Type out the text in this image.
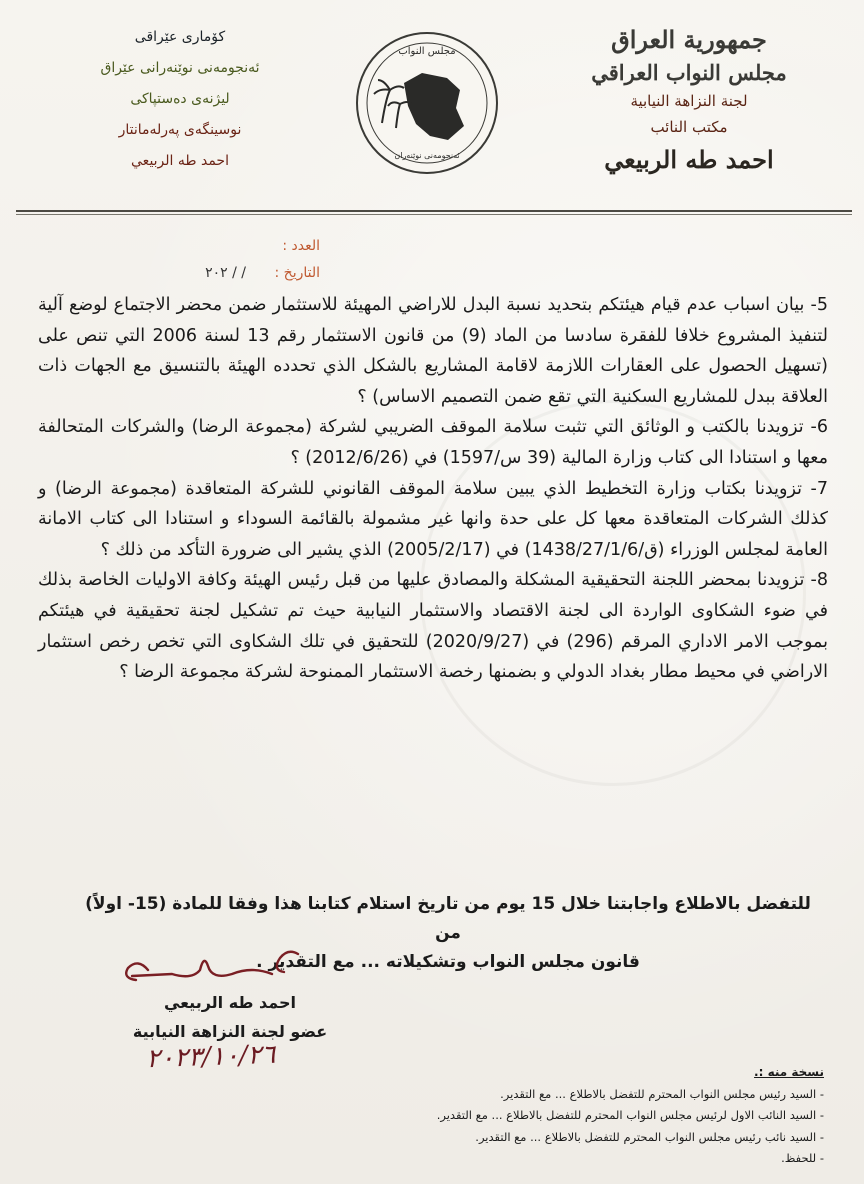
كۆماری عێراقی
ئەنجومەنی نوێنەرانی عێراق
لیژنەی دەستپاکی
نوسینگەی پەرلەمانتار
احمد طه الربیعي
مجلس النواب
ئەنجومەنی نوێنەران
جمهورية العراق
مجلس النواب العراقي
لجنة النزاهة النيابية
مكتب النائب
احمد طه الربيعي
العدد :
التاريخ : / / ٢٠٢

5- بيان اسباب عدم قيام هيئتكم بتحديد نسبة البدل للاراضي المهيئة للاستثمار ضمن محضر الاجتماع لوضع آلية لتنفيذ المشروع خلافا للفقرة سادسا من الماد (9) من قانون الاستثمار رقم 13 لسنة 2006 التي تنص على (تسهيل الحصول على العقارات اللازمة لاقامة المشاريع بالشكل الذي تحدده الهيئة بالتنسيق مع الجهات ذات العلاقة ببدل للمشاريع السكنية التي تقع ضمن التصميم الاساس) ؟

6- تزويدنا بالكتب و الوثائق التي تثبت سلامة الموقف الضريبي لشركة (مجموعة الرضا) والشركات المتحالفة معها و استنادا الى كتاب وزارة المالية (39 س/1597) في (2012/6/26) ؟

7- تزويدنا بكتاب وزارة التخطيط الذي يبين سلامة الموقف القانوني للشركة المتعاقدة (مجموعة الرضا) و كذلك الشركات المتعاقدة معها كل على حدة وانها غير مشمولة بالقائمة السوداء و استنادا الى كتاب الامانة العامة لمجلس الوزراء (ق/1438/27/1/6) في (2005/2/17) الذي يشير الى ضرورة التأكد من ذلك ؟

8- تزويدنا بمحضر اللجنة التحقيقية المشكلة والمصادق عليها من قبل رئيس الهيئة وكافة الاوليات الخاصة بذلك في ضوء الشكاوى الواردة الى لجنة الاقتصاد والاستثمار النيابية حيث تم تشكيل لجنة تحقيقية في هيئتكم بموجب الامر الاداري المرقم (296) في (2020/9/27) للتحقيق في تلك الشكاوى التي تخص رخص استثمار الاراضي في محيط مطار بغداد الدولي و بضمنها رخصة الاستثمار الممنوحة لشركة مجموعة الرضا ؟

للتفضل بالاطلاع واجابتنا خلال 15 يوم من تاريخ استلام كتابنا هذا وفقا للمادة (15- اولاً) من
قانون مجلس النواب وتشكيلاته ... مع التقدير .
احمد طه الربيعي
عضو لجنة النزاهة النيابية
٢٠٢٣/١٠/٢٦	نسخة منه :.
- السيد رئيس مجلس النواب المحترم للتفضل بالاطلاع ... مع التقدير.
- السيد النائب الاول لرئيس مجلس النواب المحترم للتفضل بالاطلاع ... مع التقدير.
- السيد نائب رئيس مجلس النواب المحترم للتفضل بالاطلاع ... مع التقدير.
- للحفظ.
